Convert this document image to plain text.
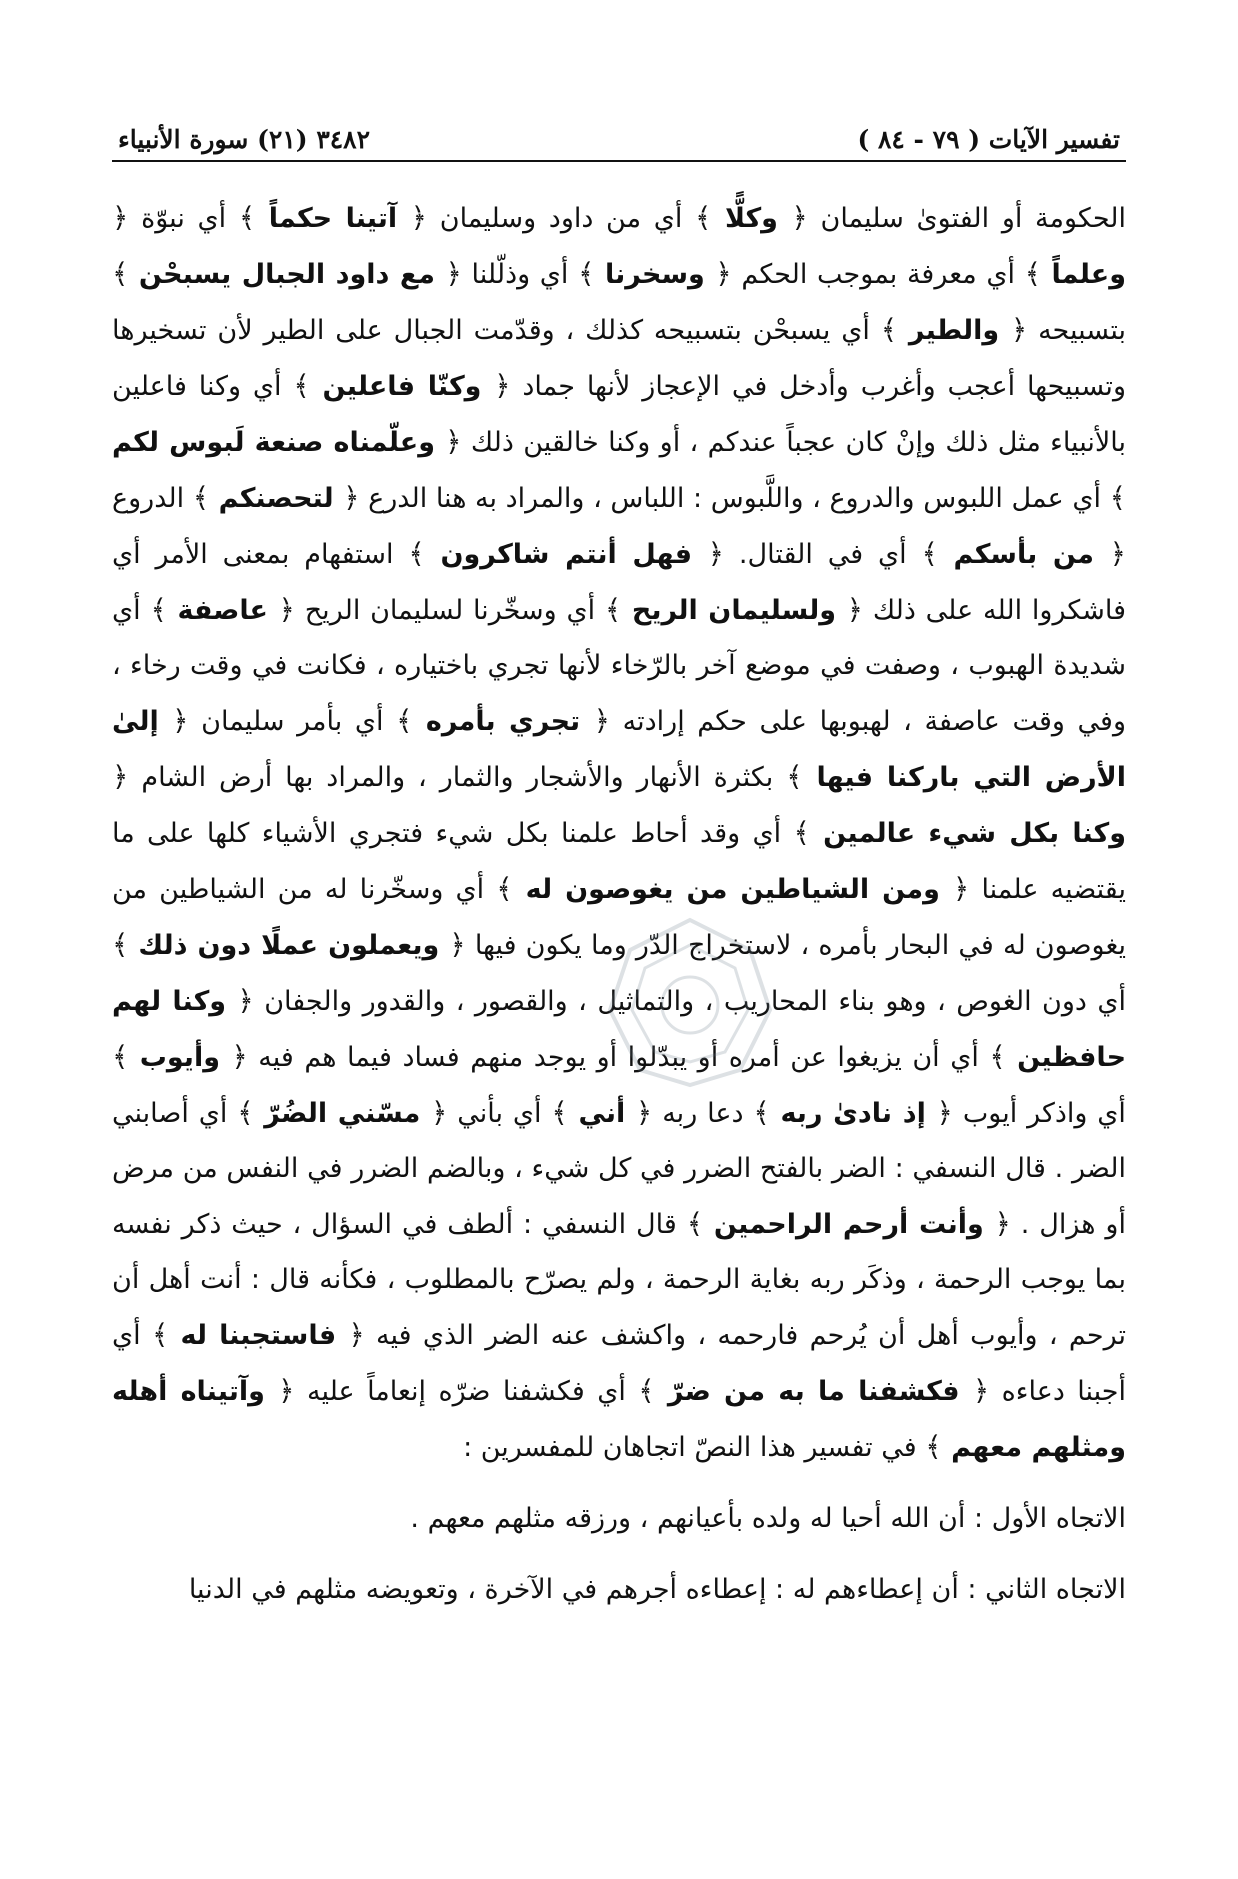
٣٤٨٢ (٢١) سورة الأنبياء	تفسير الآيات ( ٧٩ - ٨٤ )

الحكومة أو الفتوىٰ سليمان ﴿ وكلًّا ﴾ أي من داود وسليمان ﴿ آتينا حكماً ﴾ أي نبوّة ﴿ وعلماً ﴾ أي معرفة بموجب الحكم ﴿ وسخرنا ﴾ أي وذلّلنا ﴿ مع داود الجبال يسبحْن ﴾ بتسبيحه ﴿ والطير ﴾ أي يسبحْن بتسبيحه كذلك ، وقدّمت الجبال على الطير لأن تسخيرها وتسبيحها أعجب وأغرب وأدخل في الإعجاز لأنها جماد ﴿ وكنّا فاعلين ﴾ أي وكنا فاعلين بالأنبياء مثل ذلك وإنْ كان عجباً عندكم ، أو وكنا خالقين ذلك ﴿ وعلّمناه صنعة لَبوس لكم ﴾ أي عمل اللبوس والدروع ، واللَّبوس : اللباس ، والمراد به هنا الدرع ﴿ لتحصنكم ﴾ الدروع ﴿ من بأسكم ﴾ أي في القتال. ﴿ فهل أنتم شاكرون ﴾ استفهام بمعنى الأمر أي فاشكروا الله على ذلك ﴿ ولسليمان الريح ﴾ أي وسخّرنا لسليمان الريح ﴿ عاصفة ﴾ أي شديدة الهبوب ، وصفت في موضع آخر بالرّخاء لأنها تجري باختياره ، فكانت في وقت رخاء ، وفي وقت عاصفة ، لهبوبها على حكم إرادته ﴿ تجري بأمره ﴾ أي بأمر سليمان ﴿ إلىٰ الأرض التي باركنا فيها ﴾ بكثرة الأنهار والأشجار والثمار ، والمراد بها أرض الشام ﴿ وكنا بكل شيء عالمين ﴾ أي وقد أحاط علمنا بكل شيء فتجري الأشياء كلها على ما يقتضيه علمنا ﴿ ومن الشياطين من يغوصون له ﴾ أي وسخّرنا له من الشياطين من يغوصون له في البحار بأمره ، لاستخراج الدّر وما يكون فيها ﴿ ويعملون عملًا دون ذلك ﴾ أي دون الغوص ، وهو بناء المحاريب ، والتماثيل ، والقصور ، والقدور والجفان ﴿ وكنا لهم حافظين ﴾ أي أن يزيغوا عن أمره أو يبدّلوا أو يوجد منهم فساد فيما هم فيه ﴿ وأيوب ﴾ أي واذكر أيوب ﴿ إذ نادىٰ ربه ﴾ دعا ربه ﴿ أني ﴾ أي بأني ﴿ مسّني الضُرّ ﴾ أي أصابني الضر . قال النسفي : الضر بالفتح الضرر في كل شيء ، وبالضم الضرر في النفس من مرض أو هزال . ﴿ وأنت أرحم الراحمين ﴾ قال النسفي : ألطف في السؤال ، حيث ذكر نفسه بما يوجب الرحمة ، وذكَر ربه بغاية الرحمة ، ولم يصرّح بالمطلوب ، فكأنه قال : أنت أهل أن ترحم ، وأيوب أهل أن يُرحم فارحمه ، واكشف عنه الضر الذي فيه ﴿ فاستجبنا له ﴾ أي أجبنا دعاءه ﴿ فكشفنا ما به من ضرّ ﴾ أي فكشفنا ضرّه إنعاماً عليه ﴿ وآتيناه أهله ومثلهم معهم ﴾ في تفسير هذا النصّ اتجاهان للمفسرين :

الاتجاه الأول : أن الله أحيا له ولده بأعيانهم ، ورزقه مثلهم معهم .

الاتجاه الثاني : أن إعطاءهم له : إعطاءه أجرهم في الآخرة ، وتعويضه مثلهم في الدنيا
